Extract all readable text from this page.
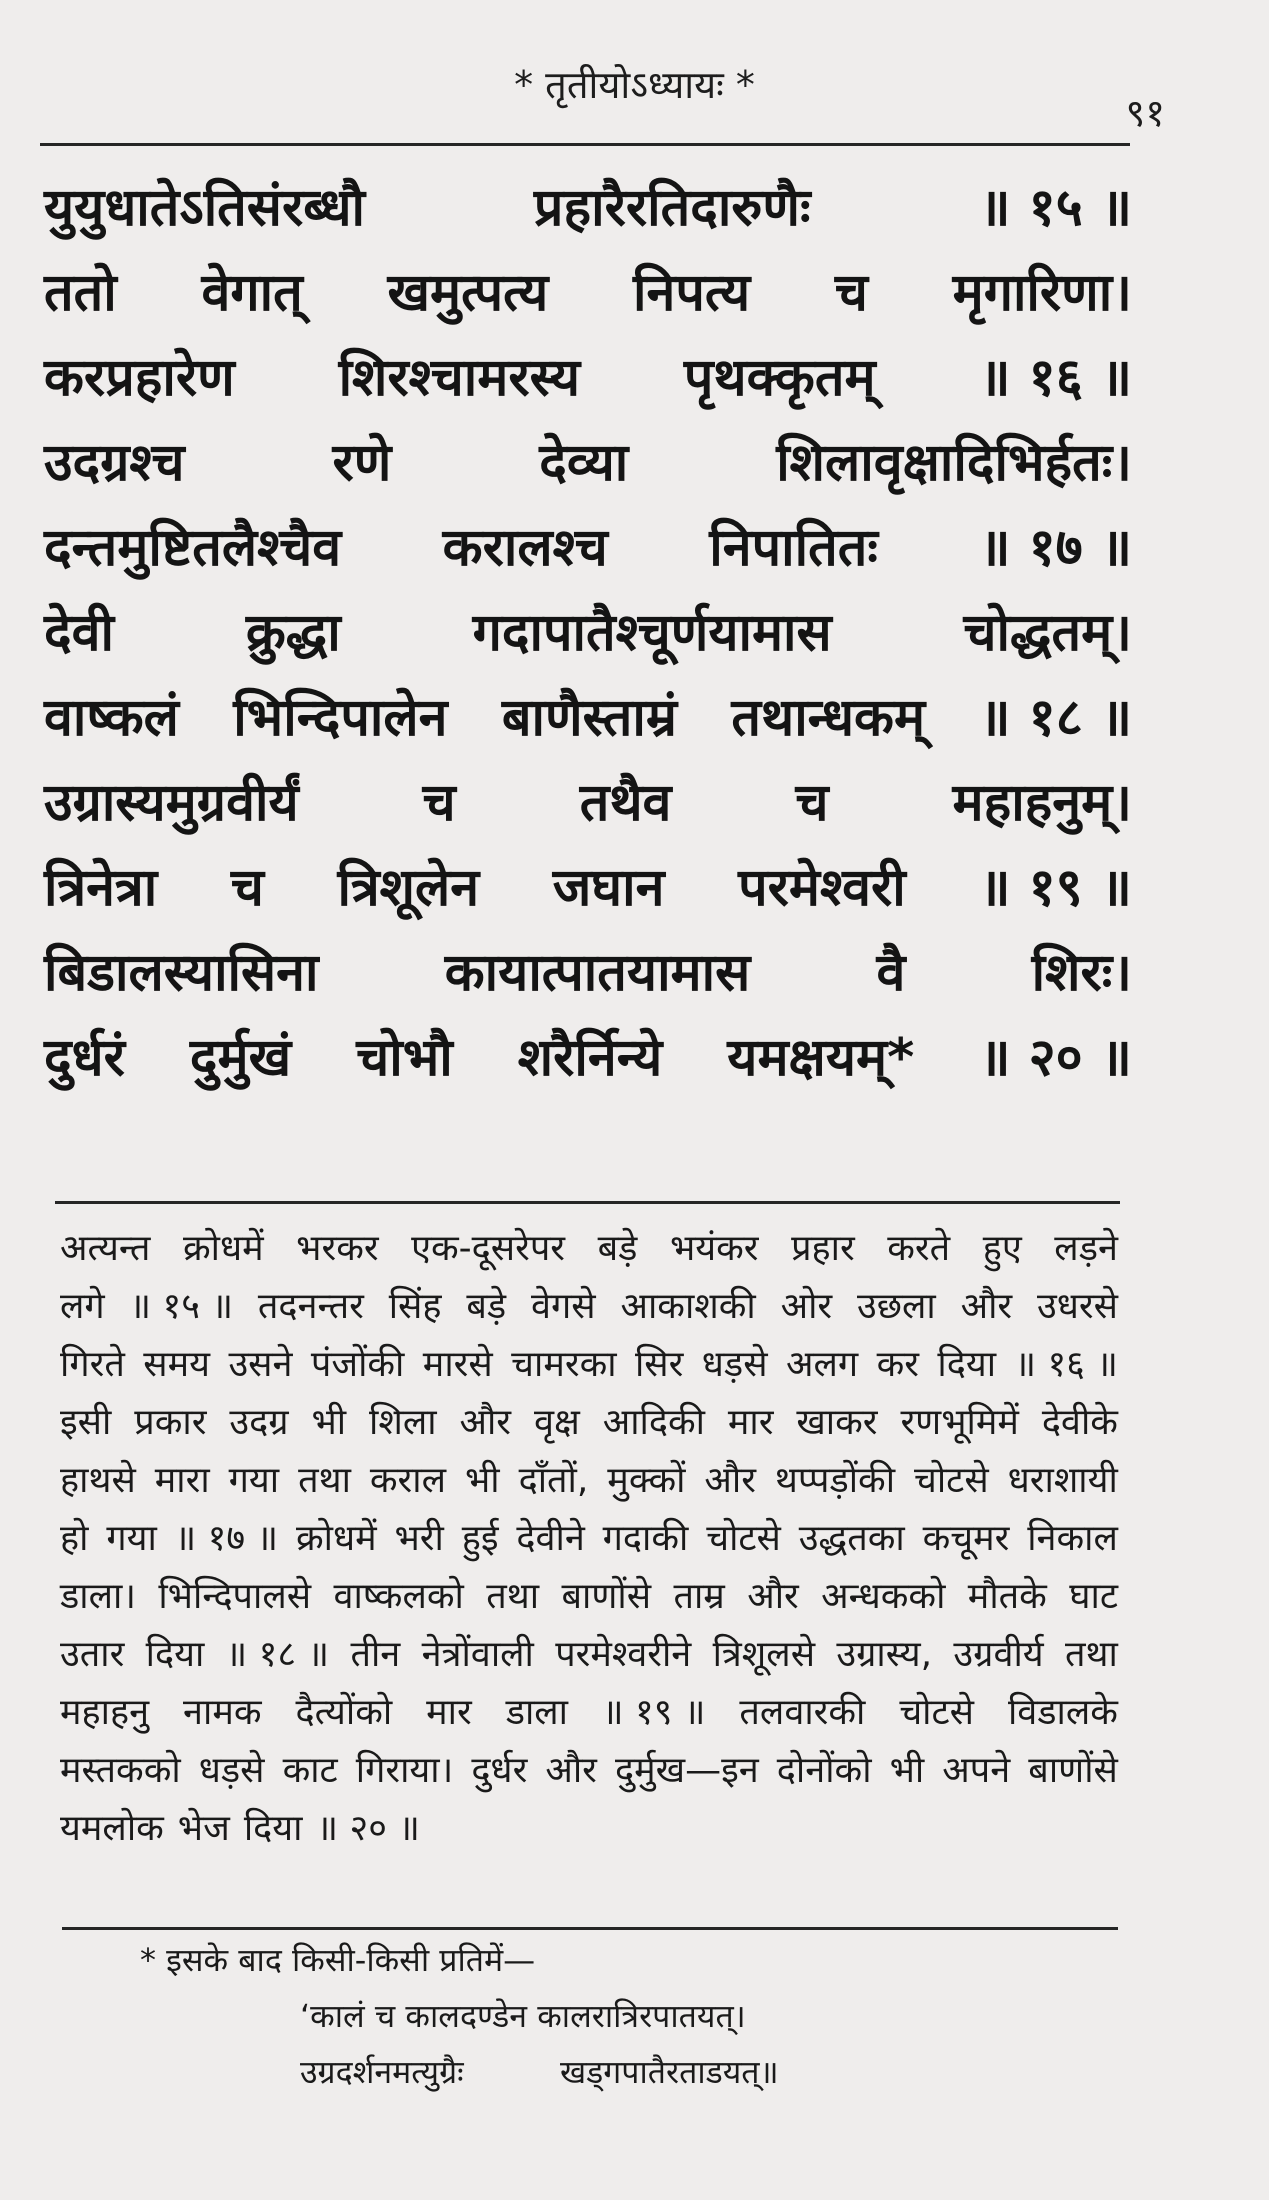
* तृतीयोऽध्यायः *
९१
युयुधातेऽतिसंरब्धौ	प्रहारैरतिदारुणैः	॥ १५ ॥
ततो वेगात् खमुत्पत्य निपत्य च मृगारिणा।
करप्रहारेण शिरश्चामरस्य पृथक्कृतम् ॥ १६ ॥
उदग्रश्च	रणे	देव्या	शिलावृक्षादिभिर्हतः।
दन्तमुष्टितलैश्चैव करालश्च निपातितः ॥ १७ ॥
देवी	क्रुद्धा	गदापातैश्चूर्णयामास	चोद्धतम्।
वाष्कलं भिन्दिपालेन बाणैस्ताम्रं तथान्धकम् ॥ १८ ॥
उग्रास्यमुग्रवीर्यं च तथैव च महाहनुम्।
त्रिनेत्रा च त्रिशूलेन जघान परमेश्वरी ॥ १९ ॥
बिडालस्यासिना कायात्पातयामास वै शिरः।
दुर्धरं दुर्मुखं चोभौ शरैर्निन्ये यमक्षयम्* ॥ २० ॥
अत्यन्त क्रोधमें भरकर एक-दूसरेपर बड़े भयंकर प्रहार करते हुए लड़ने
लगे ॥ १५ ॥ तदनन्तर सिंह बड़े वेगसे आकाशकी ओर उछला और उधरसे
गिरते समय उसने पंजोंकी मारसे चामरका सिर धड़से अलग कर दिया ॥ १६ ॥
इसी प्रकार उदग्र भी शिला और वृक्ष आदिकी मार खाकर रणभूमिमें देवीके
हाथसे मारा गया तथा कराल भी दाँतों, मुक्कों और थप्पड़ोंकी चोटसे धराशायी
हो गया ॥ १७ ॥ क्रोधमें भरी हुई देवीने गदाकी चोटसे उद्धतका कचूमर निकाल
डाला। भिन्दिपालसे वाष्कलको तथा बाणोंसे ताम्र और अन्धकको मौतके घाट
उतार दिया ॥ १८ ॥ तीन नेत्रोंवाली परमेश्वरीने त्रिशूलसे उग्रास्य, उग्रवीर्य तथा
महाहनु नामक दैत्योंको मार डाला ॥ १९ ॥ तलवारकी चोटसे विडालके
मस्तकको धड़से काट गिराया। दुर्धर और दुर्मुख—इन दोनोंको भी अपने बाणोंसे
यमलोक भेज दिया ॥ २० ॥
* इसके बाद किसी-किसी प्रतिमें—
‘कालं च कालदण्डेन कालरात्रिरपातयत्।
उग्रदर्शनमत्युग्रैः	खड्गपातैरताडयत्॥
